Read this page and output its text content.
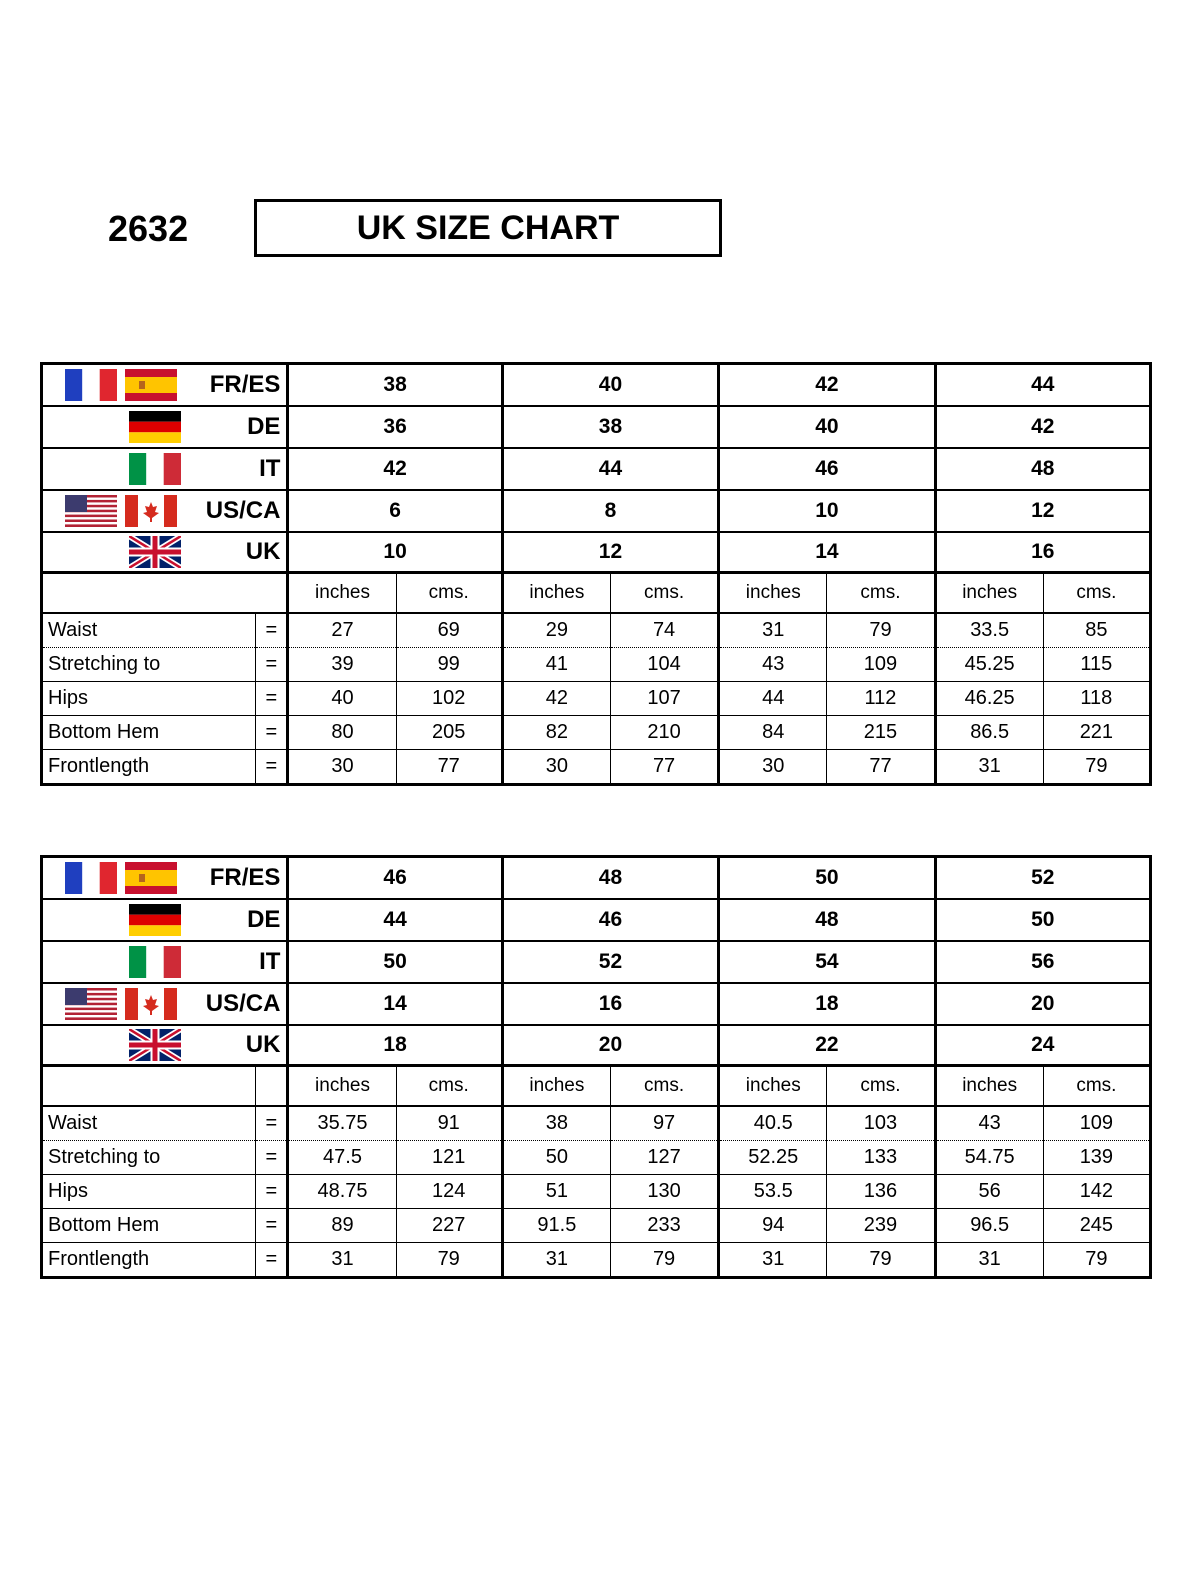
2632	UK SIZE CHART
FR/ES		38		40		42		44	

DE		36		38		40		42	

IT		42		44		46		48	

US/CA		6		8		10		12	

UK		10		12		14		16	
		inches	cms.	inches	cms.	inches	cms.	inches	cms.
Waist	=	27	69	29	74	31	79	33.5	85
Stretching to	=	39	99	41	104	43	109	45.25	115
Hips	=	40	102	42	107	44	112	46.25	118
Bottom Hem	=	80	205	82	210	84	215	86.5	221
Frontlength	=	30	77	30	77	30	77	31	79
FR/ES		46		48		50		52	

DE		44		46		48		50	

IT		50		52		54		56	

US/CA		14		16		18		20	

UK		18		20		22		24	
		inches	cms.	inches	cms.	inches	cms.	inches	cms.
Waist	=	35.75	91	38	97	40.5	103	43	109
Stretching to	=	47.5	121	50	127	52.25	133	54.75	139
Hips	=	48.75	124	51	130	53.5	136	56	142
Bottom Hem	=	89	227	91.5	233	94	239	96.5	245
Frontlength	=	31	79	31	79	31	79	31	79
